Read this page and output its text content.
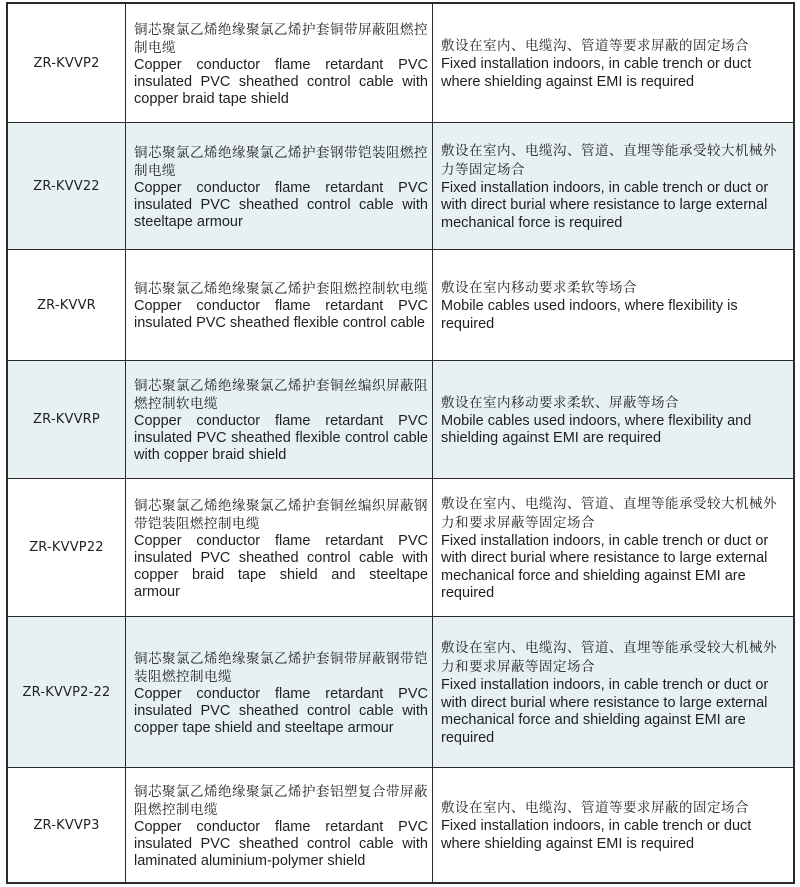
ZR-KVVP2
铜芯聚氯乙烯绝缘聚氯乙烯护套铜带屏蔽阻燃控制电缆
Copper conductor flame retardant PVC insulated PVC sheathed control cable with copper braid tape shield
敷设在室内、电缆沟、管道等要求屏蔽的固定场合
Fixed installation indoors, in cable trench or duct where shielding against EMI is required
ZR-KVV22
铜芯聚氯乙烯绝缘聚氯乙烯护套钢带铠装阻燃控制电缆
Copper conductor flame retardant PVC insulated PVC sheathed control cable with steeltape armour
敷设在室内、电缆沟、管道、直埋等能承受较大机械外力等固定场合
Fixed installation indoors, in cable trench or duct or with direct burial where resistance to large external mechanical force is required
ZR-KVVR
铜芯聚氯乙烯绝缘聚氯乙烯护套阻燃控制软电缆
Copper conductor flame retardant PVC insulated PVC sheathed flexible control cable
敷设在室内移动要求柔软等场合
Mobile cables used indoors, where flexibility is required
ZR-KVVRP
铜芯聚氯乙烯绝缘聚氯乙烯护套铜丝编织屏蔽阻燃控制软电缆
Copper conductor flame retardant PVC insulated PVC sheathed flexible control cable with copper braid shield
敷设在室内移动要求柔软、屏蔽等场合
Mobile cables used indoors, where flexibility and shielding against EMI are required
ZR-KVVP22
铜芯聚氯乙烯绝缘聚氯乙烯护套铜丝编织屏蔽钢带铠装阻燃控制电缆
Copper conductor flame retardant PVC insulated PVC sheathed control cable with copper braid tape shield and steeltape armour
敷设在室内、电缆沟、管道、直埋等能承受较大机械外力和要求屏蔽等固定场合
Fixed installation indoors, in cable trench or duct or with direct burial where resistance to large external mechanical force and shielding against EMI are required
ZR-KVVP2-22
铜芯聚氯乙烯绝缘聚氯乙烯护套铜带屏蔽钢带铠装阻燃控制电缆
Copper conductor flame retardant PVC insulated PVC sheathed control cable with copper tape shield and steeltape armour
敷设在室内、电缆沟、管道、直埋等能承受较大机械外力和要求屏蔽等固定场合
Fixed installation indoors, in cable trench or duct or with direct burial where resistance to large external mechanical force and shielding against EMI are required
ZR-KVVP3
铜芯聚氯乙烯绝缘聚氯乙烯护套铝塑复合带屏蔽阻燃控制电缆
Copper conductor flame retardant PVC insulated PVC sheathed control cable with laminated aluminium-polymer shield
敷设在室内、电缆沟、管道等要求屏蔽的固定场合
Fixed installation indoors, in cable trench or duct where shielding against EMI is required
